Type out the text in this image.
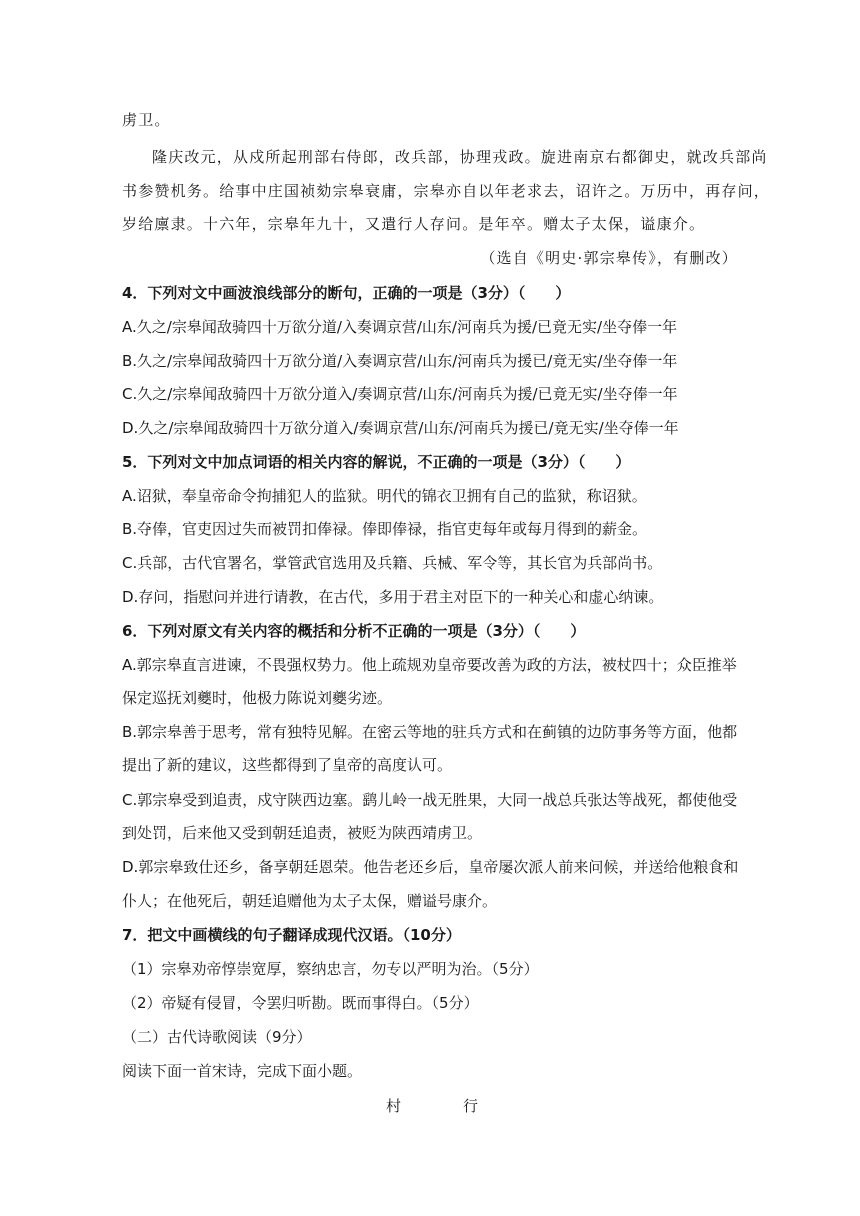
虏卫。
隆庆改元，从戍所起刑部右侍郎，改兵部，协理戎政。旋进南京右都御史，就改兵部尚
书参赞机务。给事中庄国祯劾宗皋衰庸，宗皋亦自以年老求去，诏许之。万历中，再存问，
岁给廪隶。十六年，宗皋年九十，又遣行人存问。是年卒。赠太子太保，谥康介。
（选自《明史·郭宗皋传》，有删改）
4．下列对文中画波浪线部分的断句，正确的一项是（3分）（　　）
A.久之/宗皋闻敌骑四十万欲分道/入奏调京营/山东/河南兵为援/已竟无实/坐夺俸一年
B.久之/宗皋闻敌骑四十万欲分道/入奏调京营/山东/河南兵为援已/竟无实/坐夺俸一年
C.久之/宗皋闻敌骑四十万欲分道入/奏调京营/山东/河南兵为援/已竟无实/坐夺俸一年
D.久之/宗皋闻敌骑四十万欲分道入/奏调京营/山东/河南兵为援已/竟无实/坐夺俸一年
5．下列对文中加点词语的相关内容的解说，不正确的一项是（3分）（　　）
A.诏狱，奉皇帝命令拘捕犯人的监狱。明代的锦衣卫拥有自己的监狱，称诏狱。
B.夺俸，官吏因过失而被罚扣俸禄。俸即俸禄，指官吏每年或每月得到的薪金。
C.兵部，古代官署名，掌管武官选用及兵籍、兵械、军令等，其长官为兵部尚书。
D.存问，指慰问并进行请教，在古代，多用于君主对臣下的一种关心和虚心纳谏。
6．下列对原文有关内容的概括和分析不正确的一项是（3分）（　　）
A.郭宗皋直言进谏，不畏强权势力。他上疏规劝皇帝要改善为政的方法，被杖四十；众臣推举
保定巡抚刘夔时，他极力陈说刘夔劣迹。
B.郭宗皋善于思考，常有独特见解。在密云等地的驻兵方式和在蓟镇的边防事务等方面，他都
提出了新的建议，这些都得到了皇帝的高度认可。
C.郭宗皋受到追责，戍守陕西边塞。鹞儿岭一战无胜果，大同一战总兵张达等战死，都使他受
到处罚，后来他又受到朝廷追责，被贬为陕西靖虏卫。
D.郭宗皋致仕还乡，备享朝廷恩荣。他告老还乡后，皇帝屡次派人前来问候，并送给他粮食和
仆人；在他死后，朝廷追赠他为太子太保，赠谥号康介。
7．把文中画横线的句子翻译成现代汉语。（10分）
（1）宗皋劝帝惇崇宽厚，察纳忠言，勿专以严明为治。（5分）
（2）帝疑有侵冒，令罢归听勘。既而事得白。（5分）
（二）古代诗歌阅读（9分）
阅读下面一首宋诗，完成下面小题。
村	行
